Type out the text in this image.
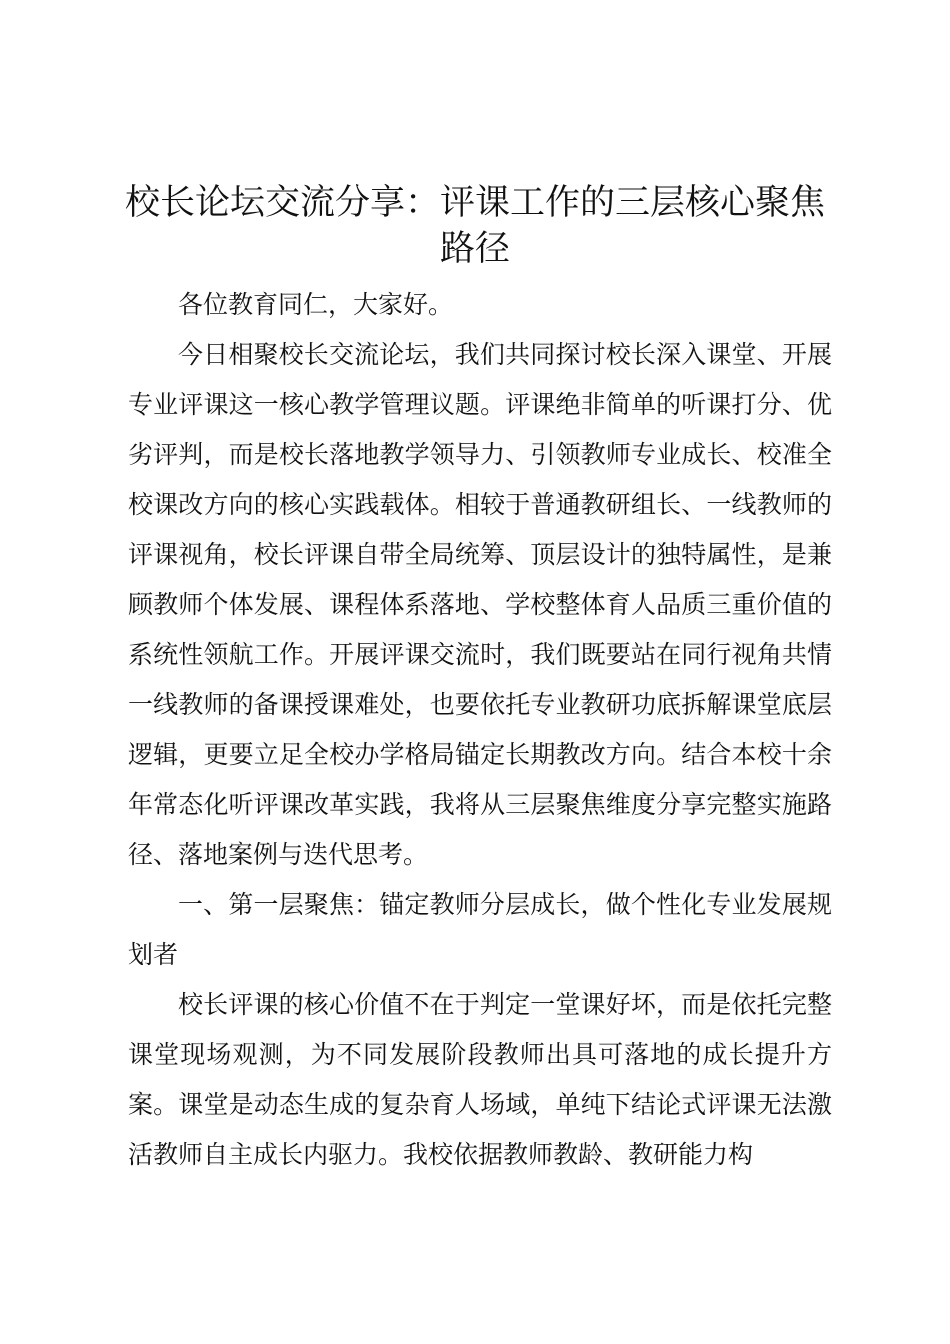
校长论坛交流分享：评课工作的三层核心聚焦路径

各位教育同仁，大家好。

今日相聚校长交流论坛，我们共同探讨校长深入课堂、开展专业评课这一核心教学管理议题。评课绝非简单的听课打分、优劣评判，而是校长落地教学领导力、引领教师专业成长、校准全校课改方向的核心实践载体。相较于普通教研组长、一线教师的评课视角，校长评课自带全局统筹、顶层设计的独特属性，是兼顾教师个体发展、课程体系落地、学校整体育人品质三重价值的系统性领航工作。开展评课交流时，我们既要站在同行视角共情一线教师的备课授课难处，也要依托专业教研功底拆解课堂底层逻辑，更要立足全校办学格局锚定长期教改方向。结合本校十余年常态化听评课改革实践，我将从三层聚焦维度分享完整实施路径、落地案例与迭代思考。

一、第一层聚焦：锚定教师分层成长，做个性化专业发展规划者

校长评课的核心价值不在于判定一堂课好坏，而是依托完整课堂现场观测，为不同发展阶段教师出具可落地的成长提升方案。课堂是动态生成的复杂育人场域，单纯下结论式评课无法激活教师自主成长内驱力。我校依据教师教龄、教研能力构
